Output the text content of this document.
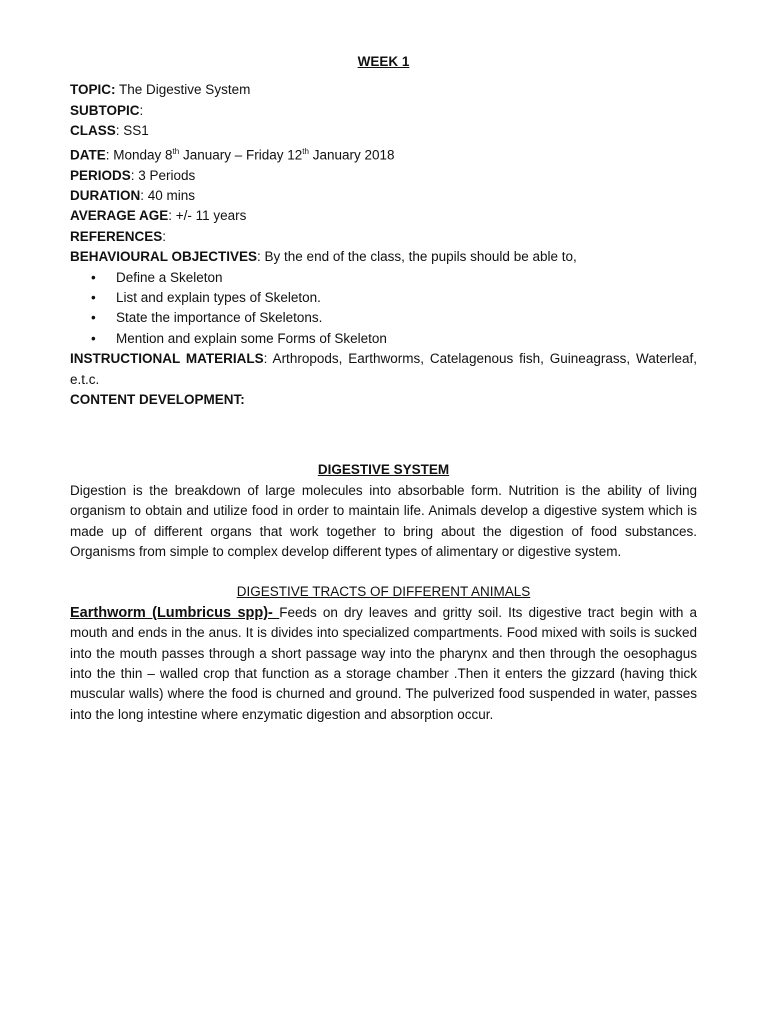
WEEK 1
TOPIC: The Digestive System
SUBTOPIC:
CLASS: SS1
DATE: Monday 8th January – Friday 12th January 2018
PERIODS: 3 Periods
DURATION: 40 mins
AVERAGE AGE: +/- 11 years
REFERENCES:
BEHAVIOURAL OBJECTIVES: By the end of the class, the pupils should be able to,
• Define a Skeleton
• List and explain types of Skeleton.
• State the importance of Skeletons.
• Mention and explain some Forms of Skeleton
INSTRUCTIONAL MATERIALS: Arthropods, Earthworms, Catelagenous fish, Guineagrass, Waterleaf, e.t.c.
CONTENT DEVELOPMENT:
DIGESTIVE SYSTEM
Digestion is the breakdown of large molecules into absorbable form. Nutrition is the ability of living organism to obtain and utilize food in order to maintain life. Animals develop a digestive system which is made up of different organs that work together to bring about the digestion of food substances. Organisms from simple to complex develop different types of alimentary or digestive system.
DIGESTIVE TRACTS OF DIFFERENT ANIMALS
Earthworm (Lumbricus spp)- Feeds on dry leaves and gritty soil. Its digestive tract begin with a mouth and ends in the anus. It is divides into specialized compartments. Food mixed with soils is sucked into the mouth passes through a short passage way into the pharynx and then through the oesophagus into the thin – walled crop that function as a storage chamber .Then it enters the gizzard (having thick muscular walls) where the food is churned and ground. The pulverized food suspended in water, passes into the long intestine where enzymatic digestion and absorption occur.
